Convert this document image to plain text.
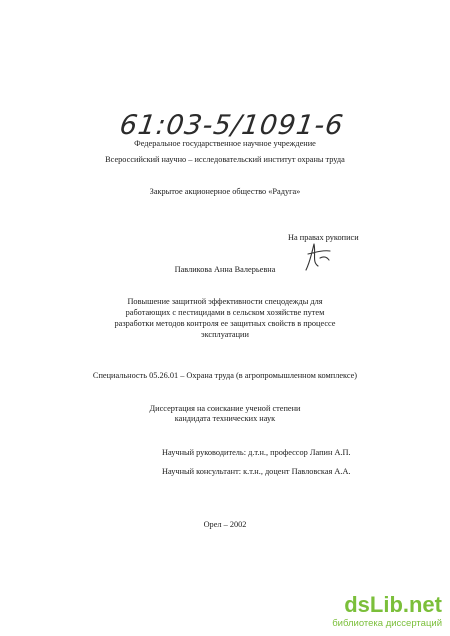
61:03-5/1091-6
Федеральное государственное научное учреждение
Всероссийский научно – исследовательский институт охраны труда
Закрытое акционерное общество «Радуга»
На правах рукописи
Павликова Анна Валерьевна
Повышение защитной эффективности спецодежды для
работающих с пестицидами в сельском хозяйстве путем
разработки методов контроля ее защитных свойств в процессе
эксплуатации
Специальность 05.26.01 – Охрана труда (в агропромышленном комплексе)
Диссертация на соискание ученой степени
кандидата технических наук
Научный руководитель: д.т.н., профессор Лапин А.П.
Научный консультант: к.т.н., доцент Павловская А.А.
Орел – 2002
dsLib.net
библиотека диссертаций
